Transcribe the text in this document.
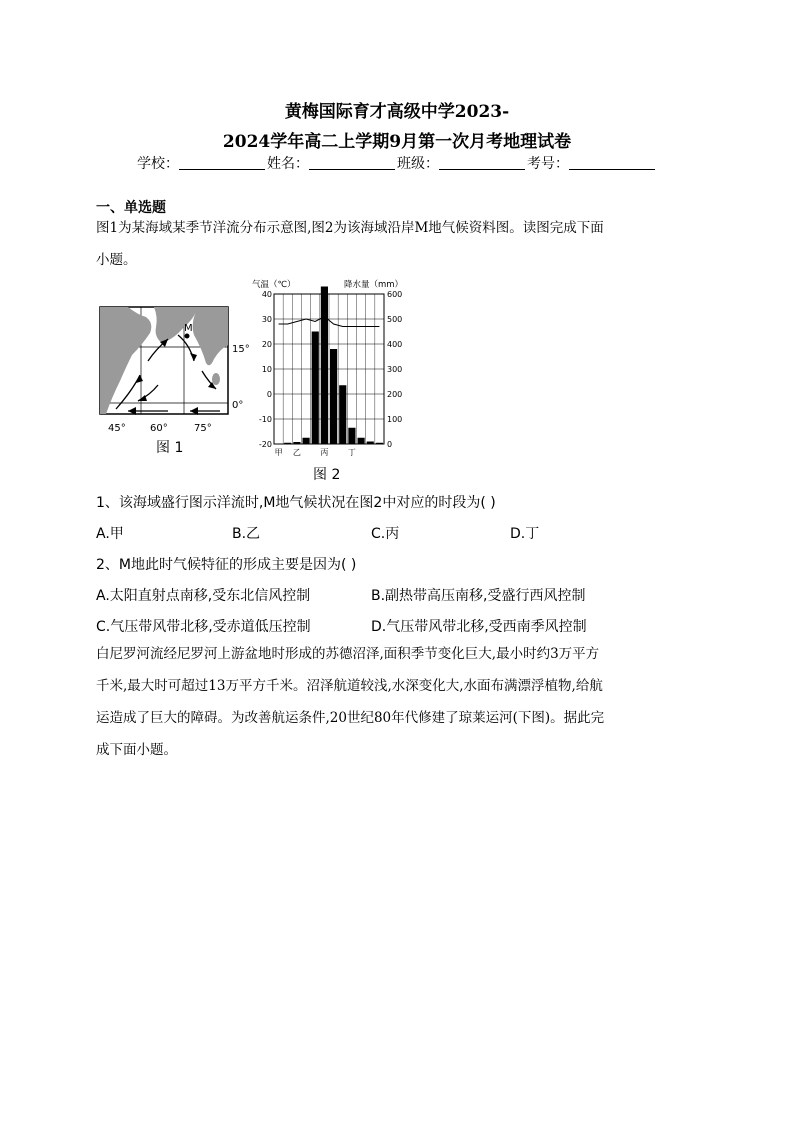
黄梅国际育才高级中学2023-
2024学年高二上学期9月第一次月考地理试卷
学校：	姓名：	班级：	考号：
一、单选题
图1为某海域某季节洋流分布示意图,图2为该海域沿岸M地气候资料图。读图完成下面
小题。
M
15°
0°
45° 60°	75°
图 1
气温（℃）	降水量（mm）
40
30
20
10
0
-10
-20
600
500
400
300
200
100
0
甲 乙 丙 丁
图 2
1、该海域盛行图示洋流时,M地气候状况在图2中对应的时段为( )
A.甲	B.乙	C.丙	D.丁
2、M地此时气候特征的形成主要是因为( )
A.太阳直射点南移,受东北信风控制	B.副热带高压南移,受盛行西风控制
C.气压带风带北移,受赤道低压控制	D.气压带风带北移,受西南季风控制
白尼罗河流经尼罗河上游盆地时形成的苏德沼泽,面积季节变化巨大,最小时约3万平方
千米,最大时可超过13万平方千米。沼泽航道较浅,水深变化大,水面布满漂浮植物,给航
运造成了巨大的障碍。为改善航运条件,20世纪80年代修建了琼莱运河(下图)。据此完
成下面小题。
